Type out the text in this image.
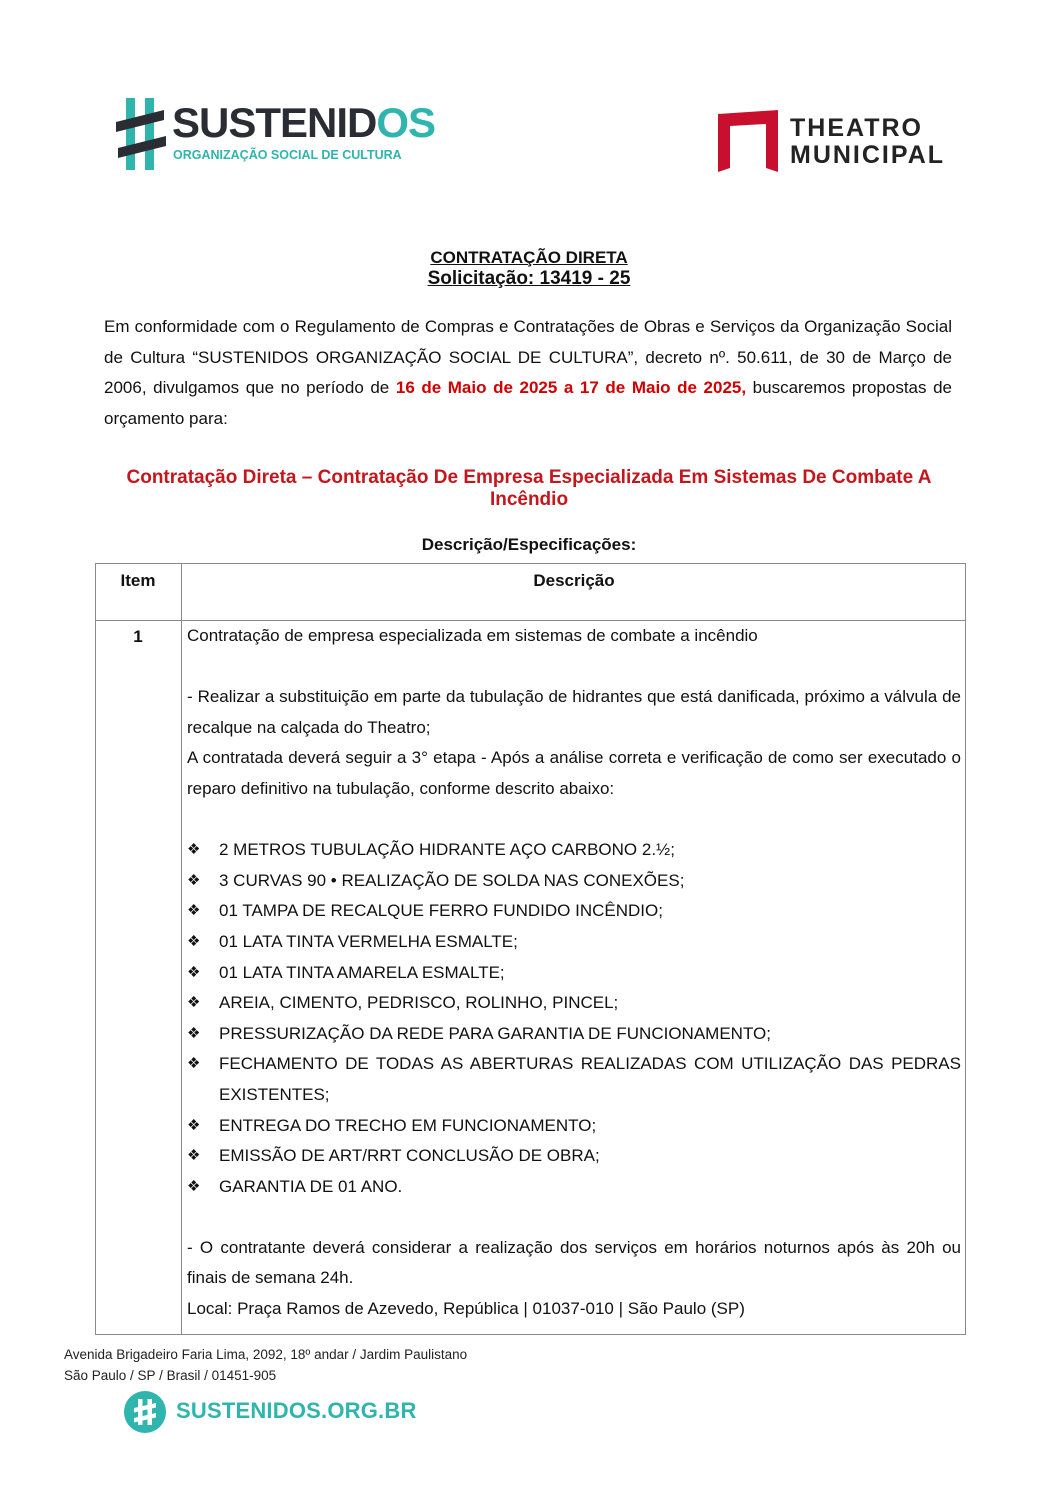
SUSTENIDOS
ORGANIZAÇÃO SOCIAL DE CULTURA
THEATRO
MUNICIPAL
CONTRATAÇÃO DIRETA
Solicitação: 13419 - 25
Em conformidade com o Regulamento de Compras e Contratações de Obras e Serviços da Organização Social de Cultura “SUSTENIDOS ORGANIZAÇÃO SOCIAL DE CULTURA”, decreto nº. 50.611, de 30 de Março de 2006, divulgamos que no período de 16 de Maio de 2025 a 17 de Maio de 2025, buscaremos propostas de orçamento para:
Contratação Direta – Contratação De Empresa Especializada Em Sistemas De Combate A Incêndio
Descrição/Especificações:
Item	Descrição
1	Contratação de empresa especializada em sistemas de combate a incêndio

- Realizar a substituição em parte da tubulação de hidrantes que está danificada, próximo a válvula de recalque na calçada do Theatro;

A contratada deverá seguir a 3° etapa - Após a análise correta e verificação de como ser executado o reparo definitivo na tubulação, conforme descrito abaixo:

❖ 2 METROS TUBULAÇÃO HIDRANTE AÇO CARBONO 2.½;
❖ 3 CURVAS 90 • REALIZAÇÃO DE SOLDA NAS CONEXÕES;
❖ 01 TAMPA DE RECALQUE FERRO FUNDIDO INCÊNDIO;
❖ 01 LATA TINTA VERMELHA ESMALTE;
❖ 01 LATA TINTA AMARELA ESMALTE;
❖ AREIA, CIMENTO, PEDRISCO, ROLINHO, PINCEL;
❖ PRESSURIZAÇÃO DA REDE PARA GARANTIA DE FUNCIONAMENTO;
❖ FECHAMENTO DE TODAS AS ABERTURAS REALIZADAS COM UTILIZAÇÃO DAS PEDRAS EXISTENTES;
❖ ENTREGA DO TRECHO EM FUNCIONAMENTO;
❖ EMISSÃO DE ART/RRT CONCLUSÃO DE OBRA;
❖ GARANTIA DE 01 ANO.

- O contratante deverá considerar a realização dos serviços em horários noturnos após às 20h ou finais de semana 24h.

Local: Praça Ramos de Azevedo, República | 01037-010 | São Paulo (SP)

Avenida Brigadeiro Faria Lima, 2092, 18º andar / Jardim Paulistano
São Paulo / SP / Brasil / 01451-905
SUSTENIDOS.ORG.BR
